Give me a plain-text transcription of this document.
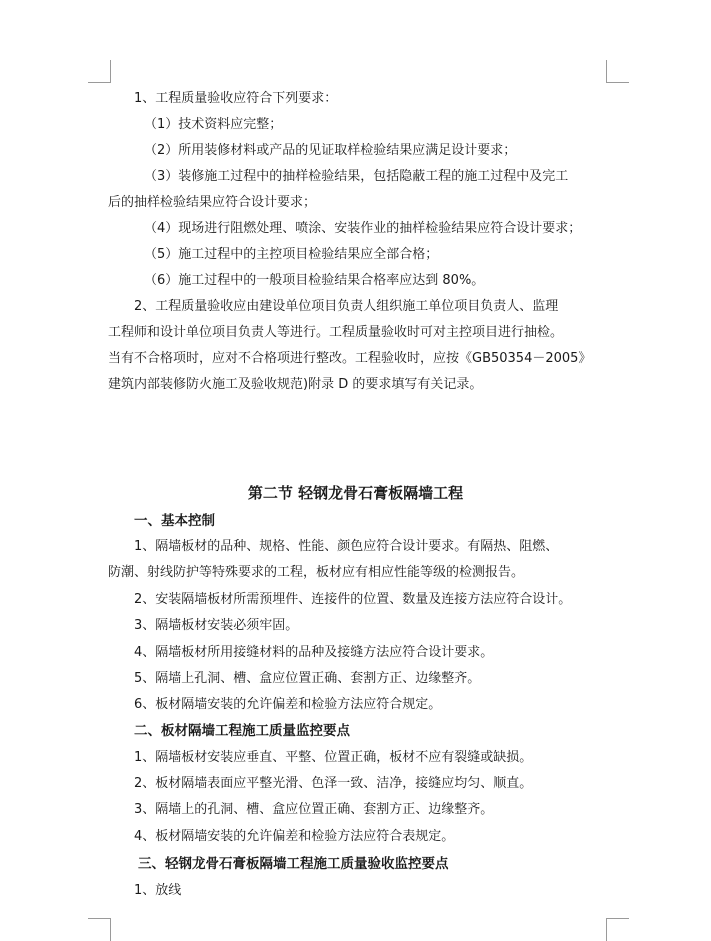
1、工程质量验收应符合下列要求：
（1）技术资料应完整；
（2）所用装修材料或产品的见证取样检验结果应满足设计要求；
（3）装修施工过程中的抽样检验结果，包括隐蔽工程的施工过程中及完工
后的抽样检验结果应符合设计要求；
（4）现场进行阻燃处理、喷涂、安装作业的抽样检验结果应符合设计要求；
（5）施工过程中的主控项目检验结果应全部合格；
（6）施工过程中的一般项目检验结果合格率应达到 80%。
2、工程质量验收应由建设单位项目负责人组织施工单位项目负责人、监理
工程师和设计单位项目负责人等进行。工程质量验收时可对主控项目进行抽检。
当有不合格项时，应对不合格项进行整改。工程验收时，应按《GB50354－2005》
建筑内部装修防火施工及验收规范)附录 D 的要求填写有关记录。
第二节 轻钢龙骨石膏板隔墙工程
一、基本控制
1、隔墙板材的品种、规格、性能、颜色应符合设计要求。有隔热、阻燃、
防潮、射线防护等特殊要求的工程，板材应有相应性能等级的检测报告。
2、安装隔墙板材所需预埋件、连接件的位置、数量及连接方法应符合设计。
3、隔墙板材安装必须牢固。
4、隔墙板材所用接缝材料的品种及接缝方法应符合设计要求。
5、隔墙上孔洞、槽、盒应位置正确、套割方正、边缘整齐。
6、板材隔墙安装的允许偏差和检验方法应符合规定。
二、板材隔墙工程施工质量监控要点
1、隔墙板材安装应垂直、平整、位置正确，板材不应有裂缝或缺损。
2、板材隔墙表面应平整光滑、色泽一致、洁净，接缝应均匀、顺直。
3、隔墙上的孔洞、槽、盒应位置正确、套割方正、边缘整齐。
4、板材隔墙安装的允许偏差和检验方法应符合表规定。
三、轻钢龙骨石膏板隔墙工程施工质量验收监控要点
1、放线
